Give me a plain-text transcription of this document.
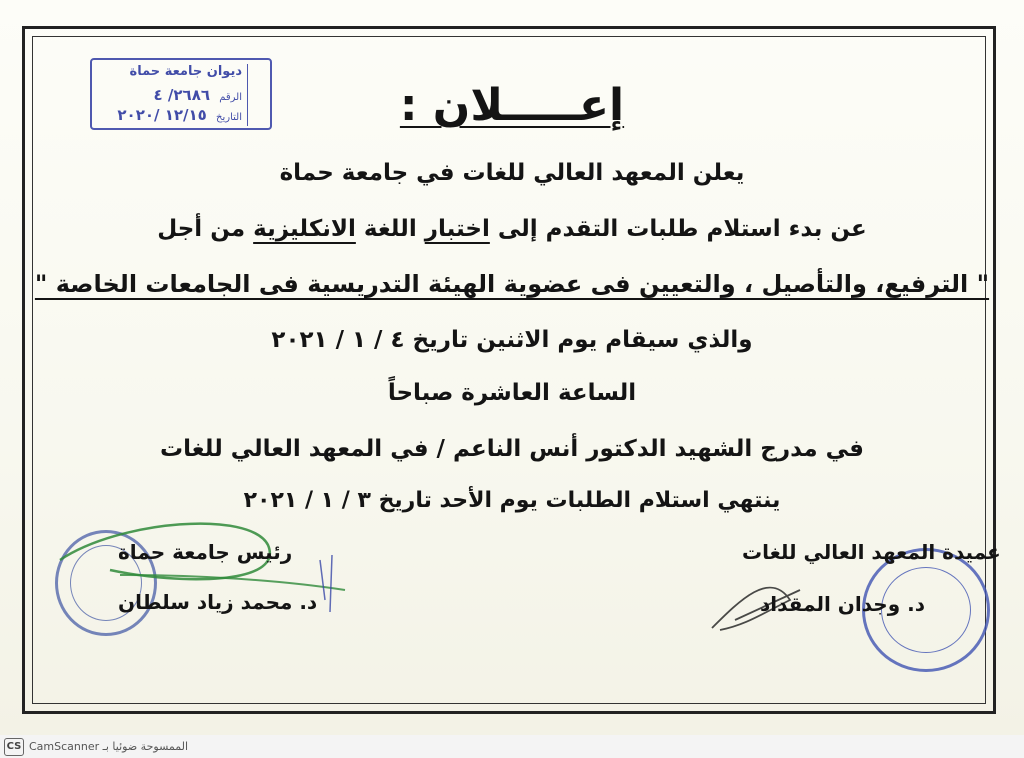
ديوان جامعة حماة
الرقم ٢٦٨٦/ ٤
التاريخ ١٢/١٥ /٢٠٢٠	إعـــــلان :
يعلن المعهد العالي للغات في جامعة حماة
عن بدء استلام طلبات التقدم إلى اختبار اللغة الانكليزية من أجل
" الترفيع، والتأصيل ، والتعيين فى عضوية الهيئة التدريسية فى الجامعات الخاصة "
والذي سيقام يوم الاثنين تاريخ ٤ / ١ / ٢٠٢١
الساعة العاشرة صباحاً
في مدرج الشهيد الدكتور أنس الناعم / في المعهد العالي للغات
ينتهي استلام الطلبات يوم الأحد تاريخ ٣ / ١ / ٢٠٢١
رئيس جامعة حماة
د. محمد زياد سلطان
عميدة المعهد العالي للغات
د. وجدان المقداد
CS الممسوحة ضوئيا بـ CamScanner
